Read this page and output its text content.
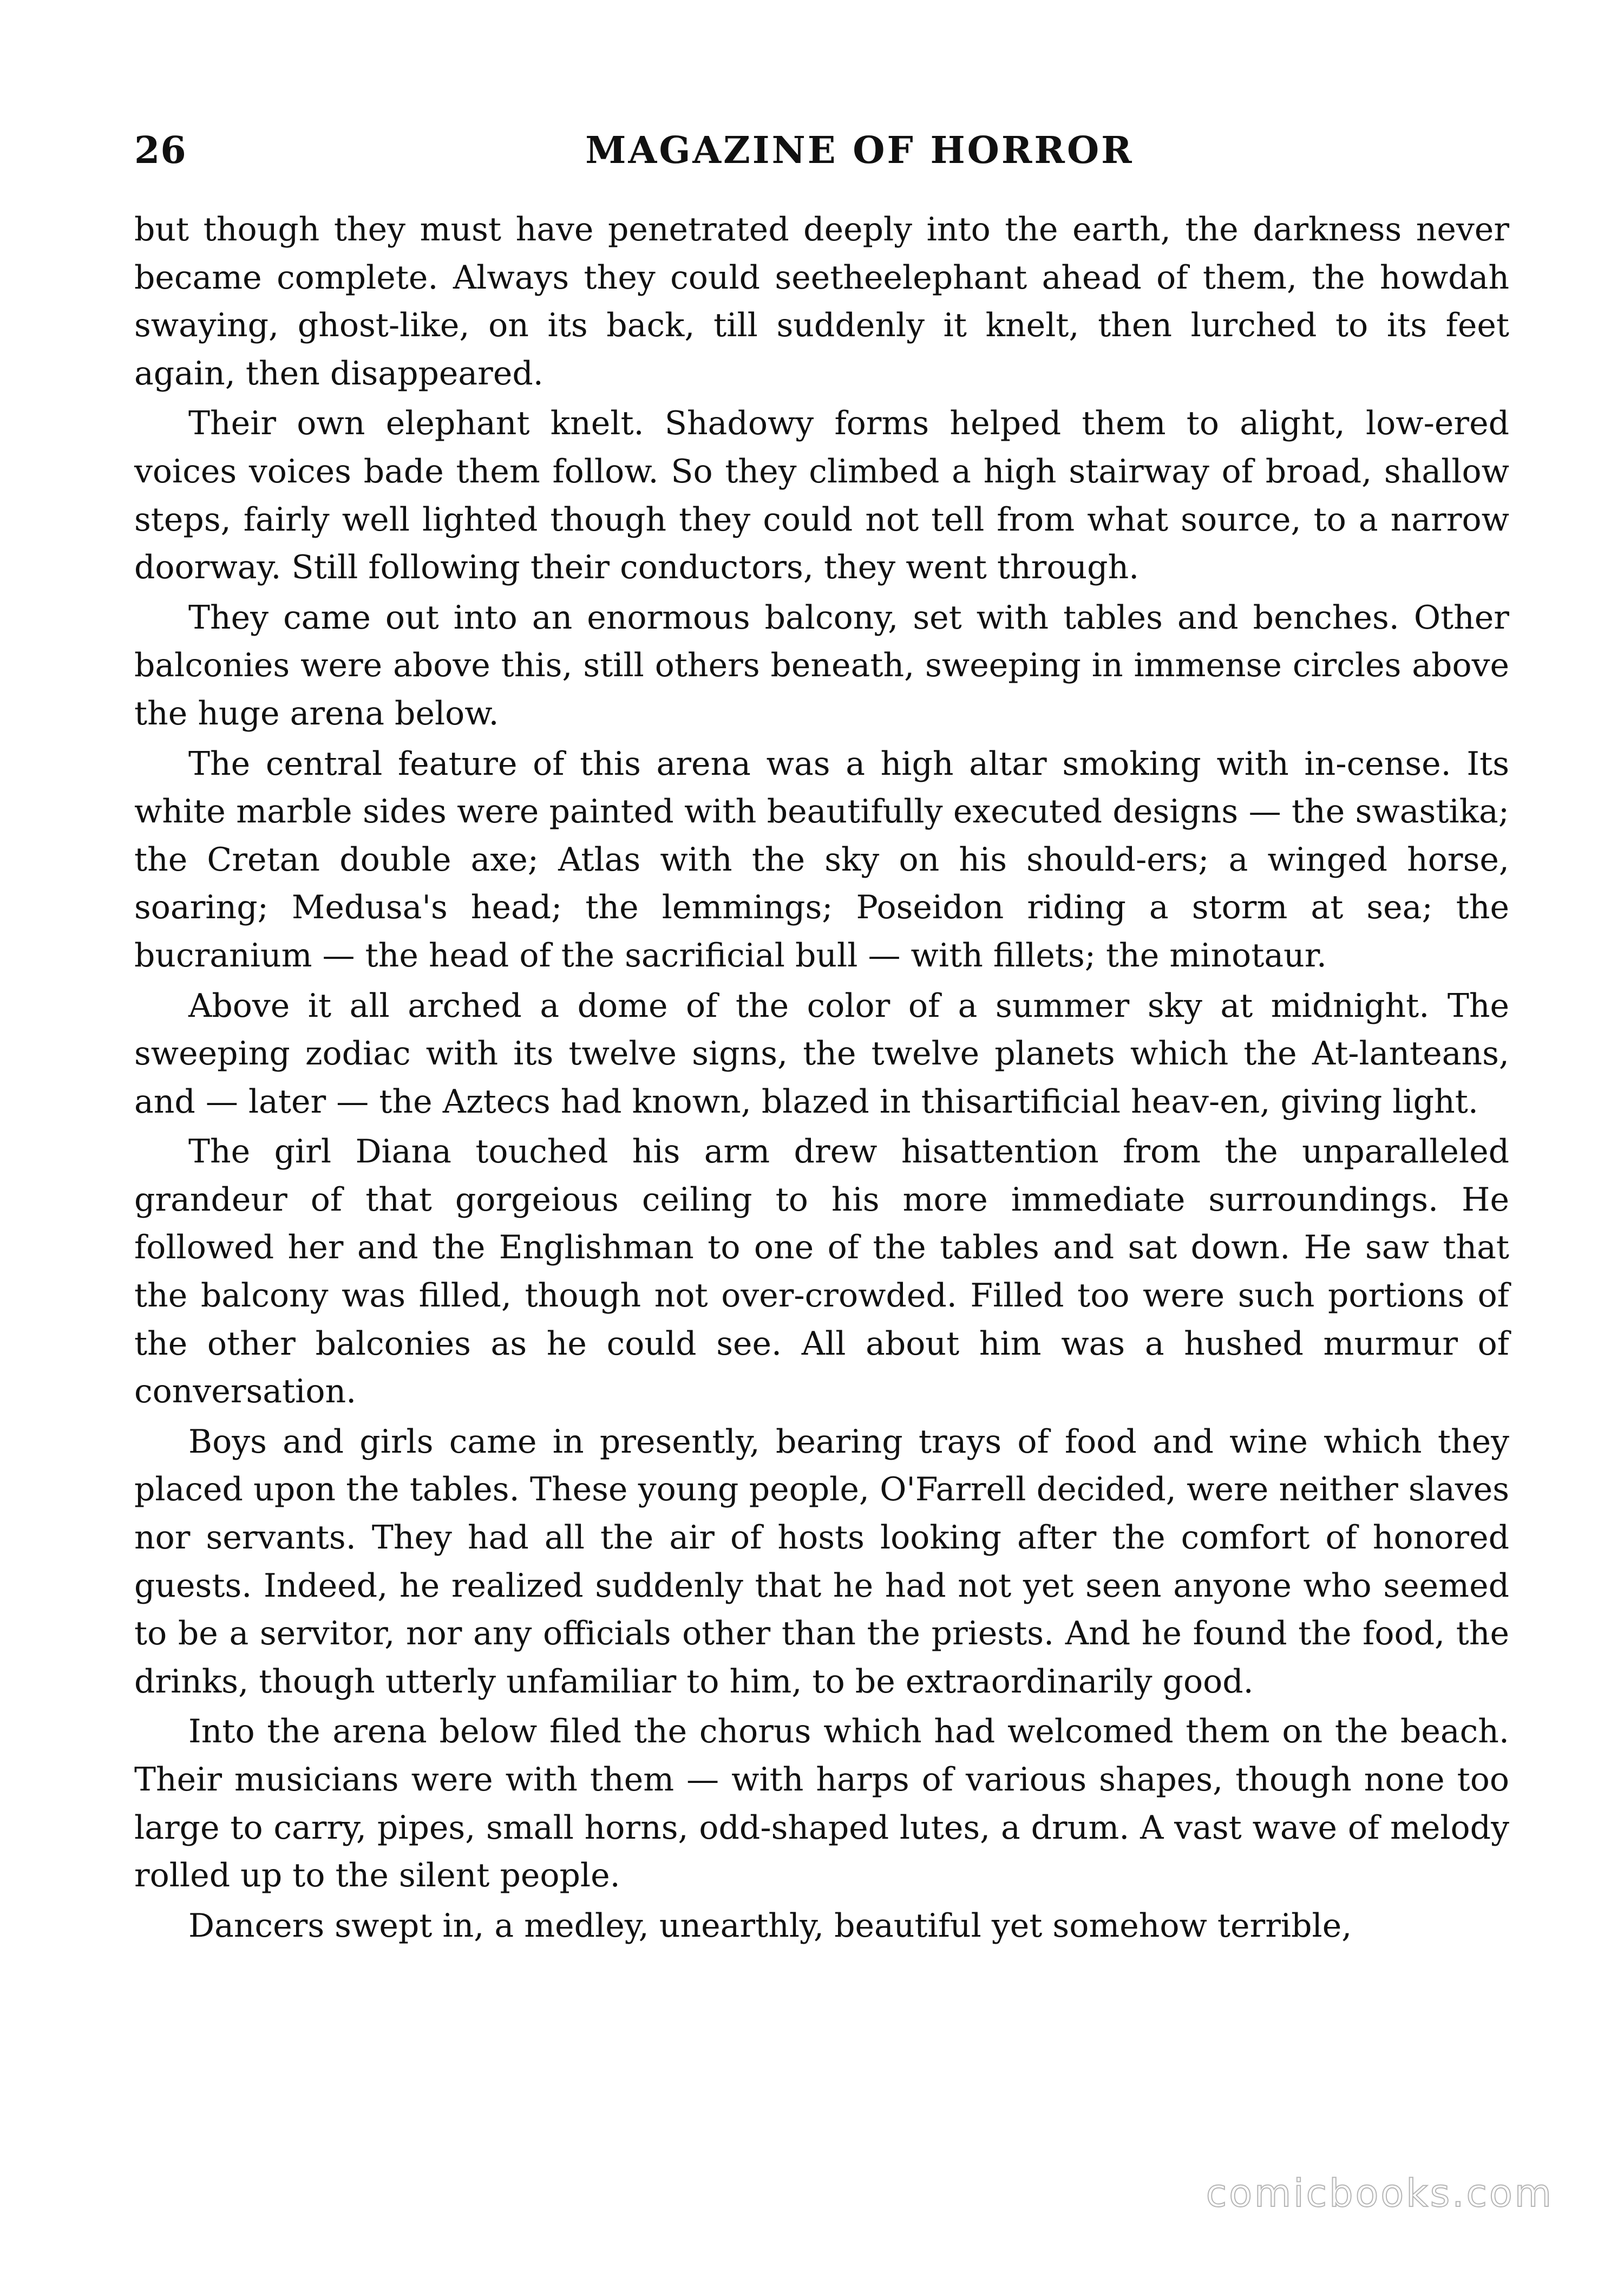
26	MAGAZINE OF HORROR

but though they must have penetrated deeply into the earth, the darkness never became complete. Always they could seetheelephant ahead of them, the howdah swaying, ghost-like, on its back, till suddenly it knelt, then lurched to its feet again, then disappeared.

Their own elephant knelt. Shadowy forms helped them to alight, low-ered voices voices bade them follow. So they climbed a high stairway of broad, shallow steps, fairly well lighted though they could not tell from what source, to a narrow doorway. Still following their conductors, they went through.

They came out into an enormous balcony, set with tables and benches. Other balconies were above this, still others beneath, sweeping in immense circles above the huge arena below.

The central feature of this arena was a high altar smoking with in-cense. Its white marble sides were painted with beautifully executed designs — the swastika; the Cretan double axe; Atlas with the sky on his should-ers; a winged horse, soaring; Medusa's head; the lemmings; Poseidon riding a storm at sea; the bucranium — the head of the sacrificial bull — with fillets; the minotaur.

Above it all arched a dome of the color of a summer sky at midnight. The sweeping zodiac with its twelve signs, the twelve planets which the At-lanteans, and — later — the Aztecs had known, blazed in thisartificial heav-en, giving light.

The girl Diana touched his arm drew hisattention from the unparalleled grandeur of that gorgeious ceiling to his more immediate surroundings. He followed her and the Englishman to one of the tables and sat down. He saw that the balcony was filled, though not over-crowded. Filled too were such portions of the other balconies as he could see. All about him was a hushed murmur of conversation.

Boys and girls came in presently, bearing trays of food and wine which they placed upon the tables. These young people, O'Farrell decided, were neither slaves nor servants. They had all the air of hosts looking after the comfort of honored guests. Indeed, he realized suddenly that he had not yet seen anyone who seemed to be a servitor, nor any officials other than the priests. And he found the food, the drinks, though utterly unfamiliar to him, to be extraordinarily good.

Into the arena below filed the chorus which had welcomed them on the beach. Their musicians were with them — with harps of various shapes, though none too large to carry, pipes, small horns, odd-shaped lutes, a drum. A vast wave of melody rolled up to the silent people.

Dancers swept in, a medley, unearthly, beautiful yet somehow terrible,

comicbooks.com
